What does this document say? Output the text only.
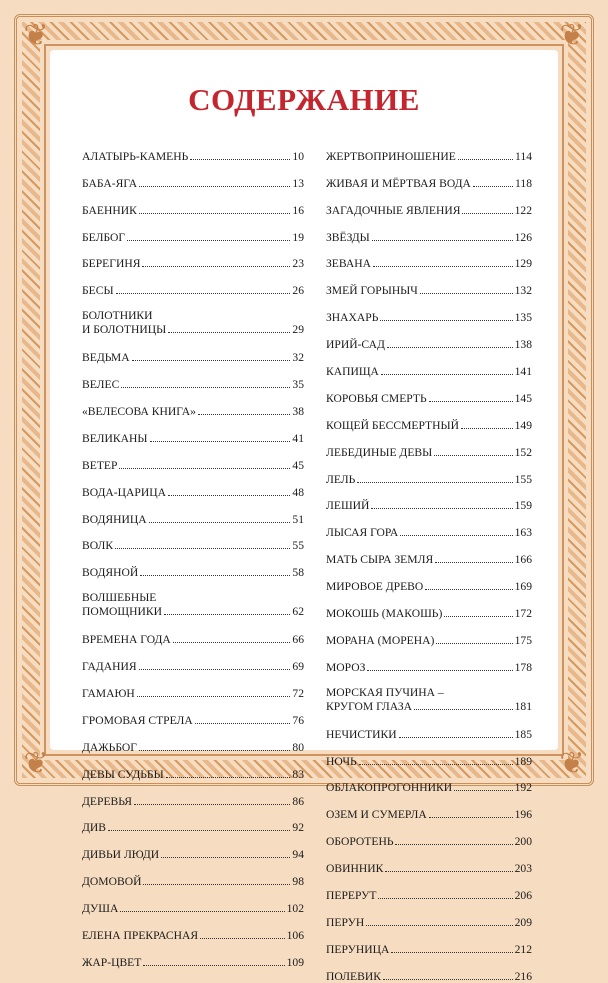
❦	❦
❦	❦
СОДЕРЖАНИЕ
АЛАТЫРЬ-КАМЕНЬ	10
БАБА-ЯГА	13
БАЕННИК	16
БЕЛБОГ	19
БЕРЕГИНЯ	23
БЕСЫ	26
БОЛОТНИКИ
И БОЛОТНИЦЫ	29
ВЕДЬМА	32
ВЕЛЕС	35
«ВЕЛЕСОВА КНИГА»	38
ВЕЛИКАНЫ	41
ВЕТЕР	45
ВОДА-ЦАРИЦА	48
ВОДЯНИЦА	51
ВОЛК	55
ВОДЯНОЙ	58
ВОЛШЕБНЫЕ
ПОМОЩНИКИ	62
ВРЕМЕНА ГОДА	66
ГАДАНИЯ	69
ГАМАЮН	72
ГРОМОВАЯ СТРЕЛА	76
ДАЖЬБОГ	80
ДЕВЫ СУДЬБЫ	83
ДЕРЕВЬЯ	86
ДИВ	92
ДИВЬИ ЛЮДИ	94
ДОМОВОЙ	98
ДУША	102
ЕЛЕНА ПРЕКРАСНАЯ	106
ЖАР-ЦВЕТ	109
ЖЕРТВОПРИНОШЕНИЕ	114
ЖИВАЯ И МЁРТВАЯ ВОДА	118
ЗАГАДОЧНЫЕ ЯВЛЕНИЯ	122
ЗВЁЗДЫ	126
ЗЕВАНА	129
ЗМЕЙ ГОРЫНЫЧ	132
ЗНАХАРЬ	135
ИРИЙ-САД	138
КАПИЩА	141
КОРОВЬЯ СМЕРТЬ	145
КОЩЕЙ БЕССМЕРТНЫЙ	149
ЛЕБЕДИНЫЕ ДЕВЫ	152
ЛЕЛЬ	155
ЛЕШИЙ	159
ЛЫСАЯ ГОРА	163
МАТЬ СЫРА ЗЕМЛЯ	166
МИРОВОЕ ДРЕВО	169
МОКОШЬ (МАКОШЬ)	172
МОРАНА (МОРЕНА)	175
МОРОЗ	178
МОРСКАЯ ПУЧИНА –
КРУГОМ ГЛАЗА	181
НЕЧИСТИКИ	185
НОЧЬ	189
ОБЛАКОПРОГОННИКИ	192
ОЗЕМ И СУМЕРЛА	196
ОБОРОТЕНЬ	200
ОВИННИК	203
ПЕРЕРУТ	206
ПЕРУН	209
ПЕРУНИЦА	212
ПОЛЕВИК	216
